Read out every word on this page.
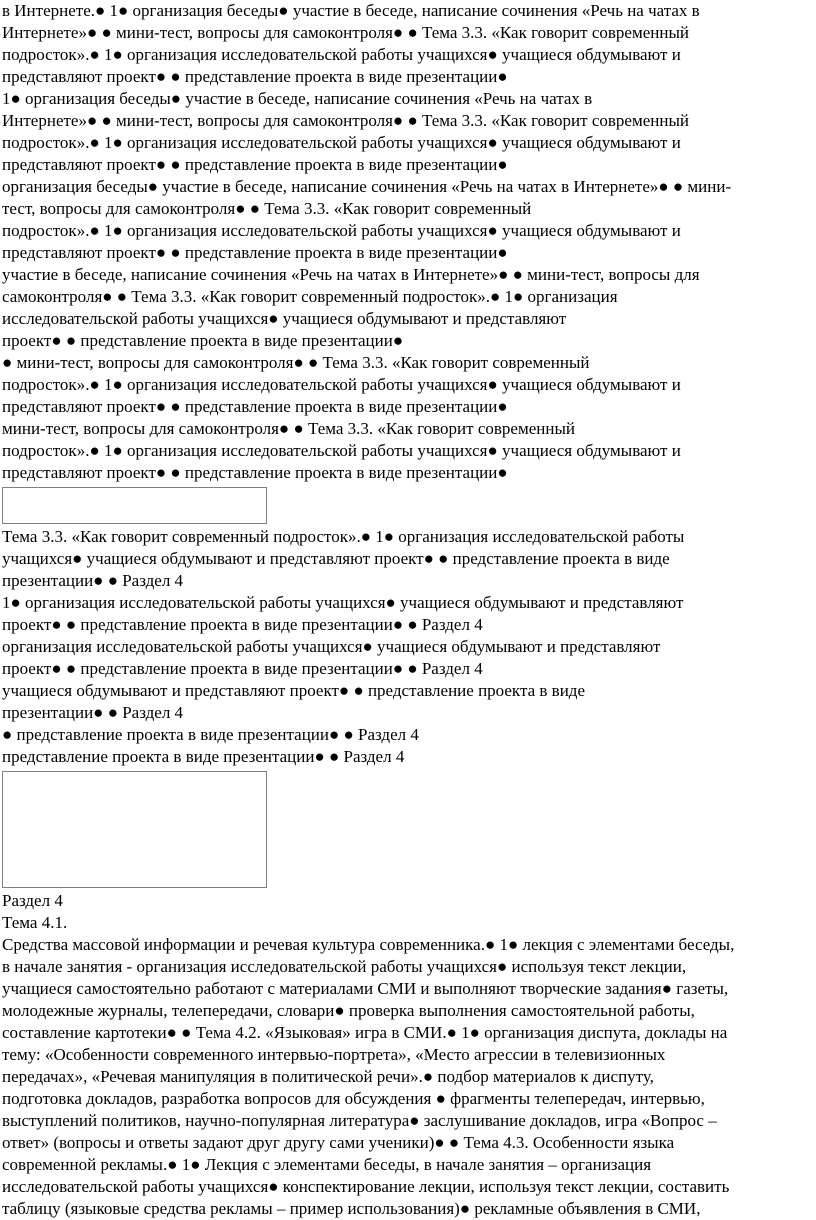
в Интернете.● 1● организация беседы● участие в беседе, написание сочинения «Речь на чатах в
Интернете»● ● мини-тест, вопросы для самоконтроля● ● Тема 3.3. «Как говорит современный
подросток».● 1● организация исследовательской работы учащихся● учащиеся обдумывают и
представляют проект● ● представление проекта в виде презентации●
1● организация беседы● участие в беседе, написание сочинения «Речь на чатах в
Интернете»● ● мини-тест, вопросы для самоконтроля● ● Тема 3.3. «Как говорит современный
подросток».● 1● организация исследовательской работы учащихся● учащиеся обдумывают и
представляют проект● ● представление проекта в виде презентации●
организация беседы● участие в беседе, написание сочинения «Речь на чатах в Интернете»● ● мини-
тест, вопросы для самоконтроля● ● Тема 3.3. «Как говорит современный
подросток».● 1● организация исследовательской работы учащихся● учащиеся обдумывают и
представляют проект● ● представление проекта в виде презентации●
участие в беседе, написание сочинения «Речь на чатах в Интернете»● ● мини-тест, вопросы для
самоконтроля● ● Тема 3.3. «Как говорит современный подросток».● 1● организация
исследовательской работы учащихся● учащиеся обдумывают и представляют
проект● ● представление проекта в виде презентации●
● мини-тест, вопросы для самоконтроля● ● Тема 3.3. «Как говорит современный
подросток».● 1● организация исследовательской работы учащихся● учащиеся обдумывают и
представляют проект● ● представление проекта в виде презентации●
мини-тест, вопросы для самоконтроля● ● Тема 3.3. «Как говорит современный
подросток».● 1● организация исследовательской работы учащихся● учащиеся обдумывают и
представляют проект● ● представление проекта в виде презентации●
Тема 3.3. «Как говорит современный подросток».● 1● организация исследовательской работы
учащихся● учащиеся обдумывают и представляют проект● ● представление проекта в виде
презентации● ● Раздел 4
1● организация исследовательской работы учащихся● учащиеся обдумывают и представляют
проект● ● представление проекта в виде презентации● ● Раздел 4
организация исследовательской работы учащихся● учащиеся обдумывают и представляют
проект● ● представление проекта в виде презентации● ● Раздел 4
учащиеся обдумывают и представляют проект● ● представление проекта в виде
презентации● ● Раздел 4
● представление проекта в виде презентации● ● Раздел 4
представление проекта в виде презентации● ● Раздел 4
Раздел 4
Тема 4.1.
Средства массовой информации и речевая культура современника.● 1● лекция с элементами беседы,
в начале занятия - организация исследовательской работы учащихся● используя текст лекции,
учащиеся самостоятельно работают с материалами СМИ и выполняют творческие задания● газеты,
молодежные журналы, телепередачи, словари● проверка выполнения самостоятельной работы,
составление картотеки● ● Тема 4.2. «Языковая» игра в СМИ.● 1● организация диспута, доклады на
тему: «Особенности современного интервью-портрета», «Место агрессии в телевизионных
передачах», «Речевая манипуляция в политической речи».● подбор материалов к диспуту,
подготовка докладов, разработка вопросов для обсуждения ● фрагменты телепередач, интервью,
выступлений политиков, научно-популярная литература● заслушивание докладов, игра «Вопрос –
ответ» (вопросы и ответы задают друг другу сами ученики)● ● Тема 4.3. Особенности языка
современной рекламы.● 1● Лекция с элементами беседы, в начале занятия – организация
исследовательской работы учащихся● конспектирование лекции, используя текст лекции, составить
таблицу (языковые средства рекламы – пример использования)● рекламные объявления в СМИ,
